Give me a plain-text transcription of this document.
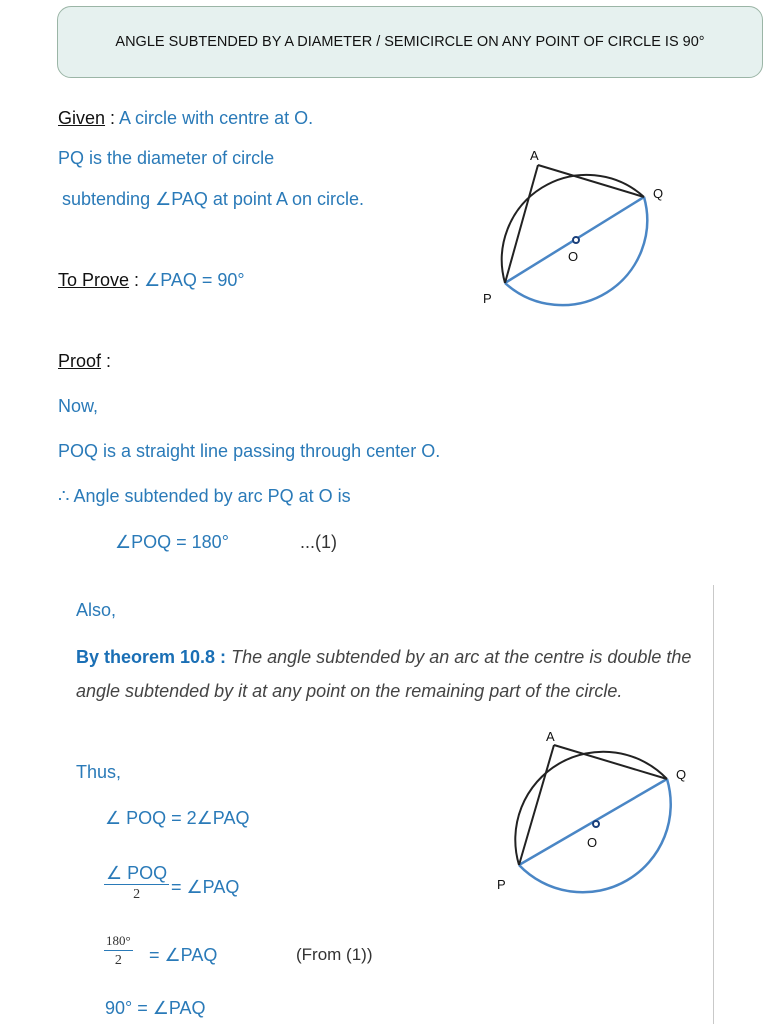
ANGLE SUBTENDED BY A DIAMETER / SEMICIRCLE ON ANY POINT OF CIRCLE IS 90°
Given : A circle with centre at O.
PQ is the diameter of circle
subtending ∠PAQ at point A on circle.
To Prove : ∠PAQ = 90°
A
Q
O
P
Proof :
Now,
POQ is a straight line passing through center O.
∴ Angle subtended by arc PQ at O is
∠POQ = 180°	...(1)
Also,
By theorem 10.8 : The angle subtended by an arc at the centre is double the angle subtended by it at any point on the remaining part of the circle.
Thus,
∠ POQ = 2∠PAQ
∠ POQ
2 = ∠PAQ
$\frac{180^\circ}{2}$ = ∠PAQ	(From (1))
90° = ∠PAQ
A
Q
O
P
